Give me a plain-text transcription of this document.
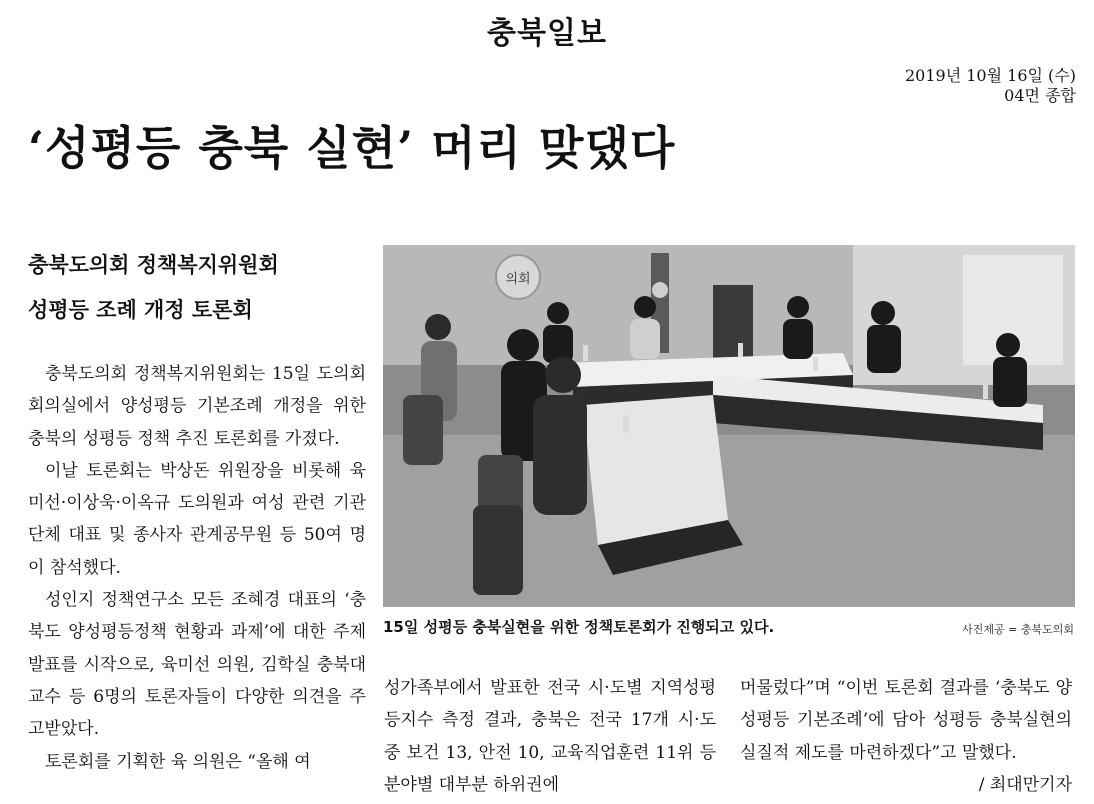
충북일보
2019년 10월 16일 (수)
04면 종합
‘성평등 충북 실현’ 머리 맞댔다
충북도의회 정책복지위원회
성평등 조례 개정 토론회

충북도의회 정책복지위원회는 15일 도의회 회의실에서 양성평등 기본조례 개정을 위한 충북의 성평등 정책 추진 토론회를 가졌다.

이날 토론회는 박상돈 위원장을 비롯해 육미선·이상욱·이옥규 도의원과 여성 관련 기관단체 대표 및 종사자 관계공무원 등 50여 명이 참석했다.

성인지 정책연구소 모든 조혜경 대표의 ‘충북도 양성평등정책 현황과 과제’에 대한 주제발표를 시작으로, 육미선 의원, 김학실 충북대 교수 등 6명의 토론자들이 다양한 의견을 주고받았다.

토론회를 기획한 육 의원은 “올해 여

의회
15일 성평등 충북실현을 위한 정책토론회가 진행되고 있다.	사진제공 = 충북도의회

성가족부에서 발표한 전국 시·도별 지역성평등지수 측정 결과, 충북은 전국 17개 시·도 중 보건 13, 안전 10, 교육직업훈련 11위 등 분야별 대부분 하위권에

머물렀다”며 “이번 토론회 결과를 ‘충북도 양성평등 기본조례’에 담아 성평등 충북실현의 실질적 제도를 마련하겠다”고 말했다.

/ 최대만기자
